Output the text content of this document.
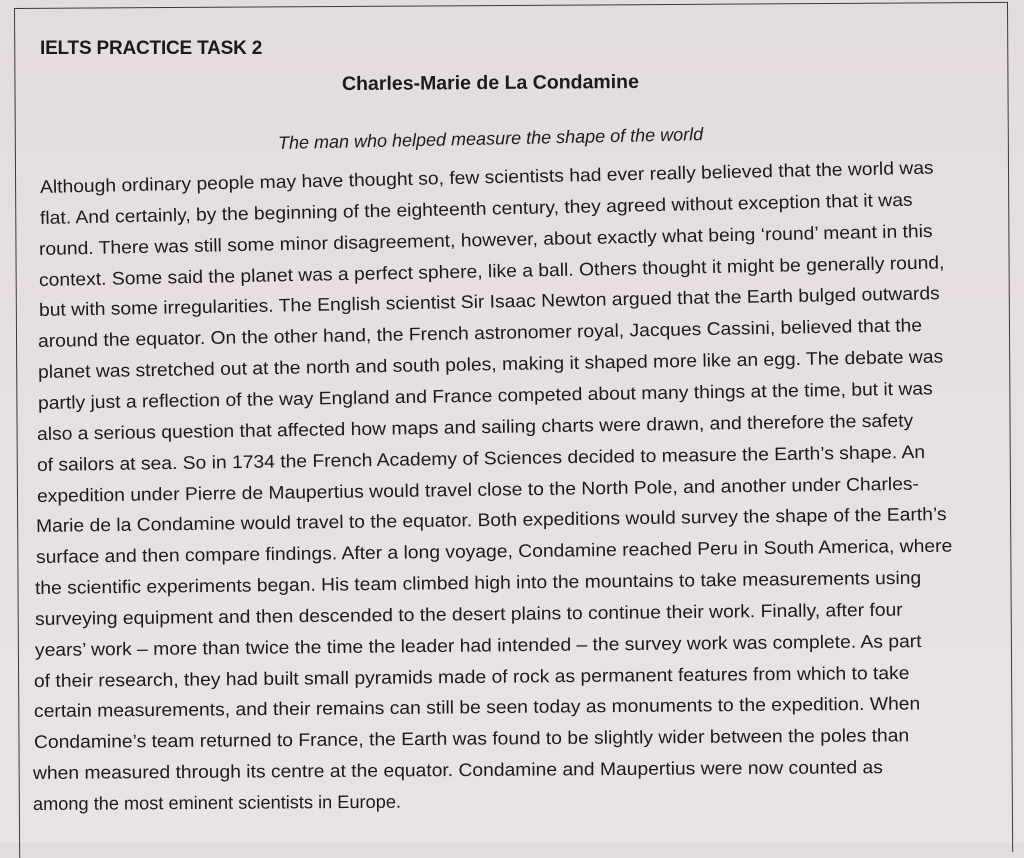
IELTS PRACTICE TASK 2
Charles-Marie de La Condamine
The man who helped measure the shape of the world
Although ordinary people may have thought so, few scientists had ever really believed that the world was
flat. And certainly, by the beginning of the eighteenth century, they agreed without exception that it was
round. There was still some minor disagreement, however, about exactly what being ‘round’ meant in this
context. Some said the planet was a perfect sphere, like a ball. Others thought it might be generally round,
but with some irregularities. The English scientist Sir Isaac Newton argued that the Earth bulged outwards
around the equator. On the other hand, the French astronomer royal, Jacques Cassini, believed that the
planet was stretched out at the north and south poles, making it shaped more like an egg. The debate was
partly just a reflection of the way England and France competed about many things at the time, but it was
also a serious question that affected how maps and sailing charts were drawn, and therefore the safety
of sailors at sea. So in 1734 the French Academy of Sciences decided to measure the Earth’s shape. An
expedition under Pierre de Maupertius would travel close to the North Pole, and another under Charles-
Marie de la Condamine would travel to the equator. Both expeditions would survey the shape of the Earth’s
surface and then compare findings. After a long voyage, Condamine reached Peru in South America, where
the scientific experiments began. His team climbed high into the mountains to take measurements using
surveying equipment and then descended to the desert plains to continue their work. Finally, after four
years’ work – more than twice the time the leader had intended – the survey work was complete. As part
of their research, they had built small pyramids made of rock as permanent features from which to take
certain measurements, and their remains can still be seen today as monuments to the expedition. When
Condamine’s team returned to France, the Earth was found to be slightly wider between the poles than
when measured through its centre at the equator. Condamine and Maupertius were now counted as
among the most eminent scientists in Europe.
